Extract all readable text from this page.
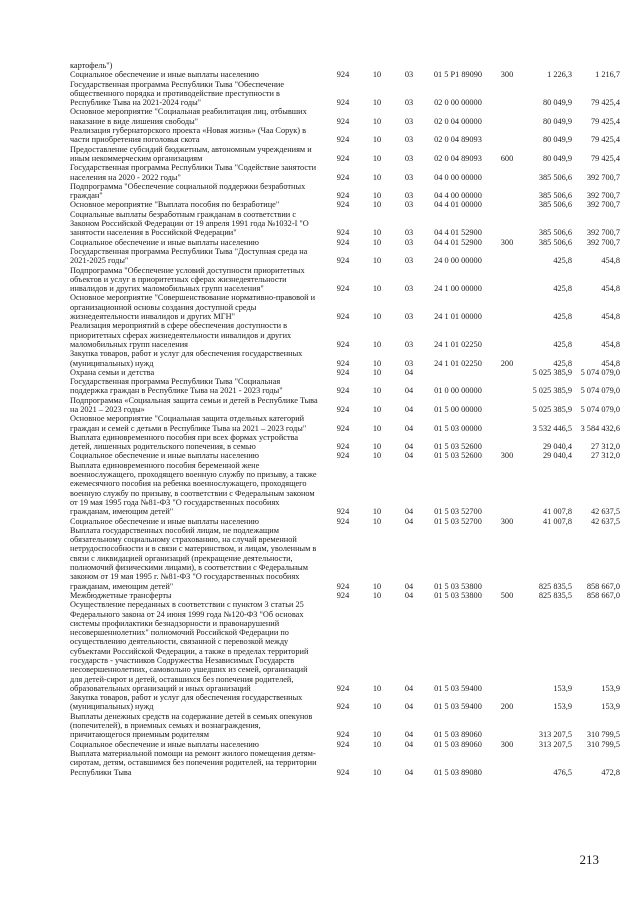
картофель")							
Социальное обеспечение и иные выплаты населению	924	10	03	01 5 P1 89090	300	1 226,3	1 216,7
Государственная программа Республики Тыва "Обеспечение общественного порядка и противодействие преступности в Республике Тыва на 2021-2024 годы"	924	10	03	02 0 00 00000		80 049,9	79 425,4
Основное мероприятие "Социальная реабилитация лиц, отбывших наказание в виде лишения свободы"	924	10	03	02 0 04 00000		80 049,9	79 425,4
Реализация губернаторского проекта «Новая жизнь» (Чаа Сорук) в части приобретения поголовья скота	924	10	03	02 0 04 89093		80 049,9	79 425,4
Предоставление субсидий бюджетным, автономным учреждениям и иным некоммерческим организациям	924	10	03	02 0 04 89093	600	80 049,9	79 425,4
Государственная программа Республики Тыва "Содействие занятости населения на 2020 - 2022 годы"	924	10	03	04 0 00 00000		385 506,6	392 700,7
Подпрограмма "Обеспечение социальной поддержки безработных граждан"	924	10	03	04 4 00 00000		385 506,6	392 700,7
Основное мероприятие "Выплата пособия по безработице"	924	10	03	04 4 01 00000		385 506,6	392 700,7
Социальные выплаты безработным гражданам в соответствии с Законом Российской Федерации от 19 апреля 1991 года №1032-I "О занятости населения в Российской Федерации"	924	10	03	04 4 01 52900		385 506,6	392 700,7
Социальное обеспечение и иные выплаты населению	924	10	03	04 4 01 52900	300	385 506,6	392 700,7
Государственная программа Республики Тыва "Доступная среда на 2021-2025 годы"	924	10	03	24 0 00 00000		425,8	454,8
Подпрограмма "Обеспечение условий доступности приоритетных объектов и услуг в приоритетных сферах жизнедеятельности инвалидов и других маломобильных групп населения"	924	10	03	24 1 00 00000		425,8	454,8
Основное мероприятие "Совершенствование нормативно-правовой и организационной основы создания доступной среды жизнедеятельности инвалидов и других МГН"	924	10	03	24 1 01 00000		425,8	454,8
Реализация мероприятий в сфере обеспечения доступности в приоритетных сферах жизнедеятельности инвалидов и других маломобильных групп населения	924	10	03	24 1 01 02250		425,8	454,8
Закупка товаров, работ и услуг для обеспечения государственных (муниципальных) нужд	924	10	03	24 1 01 02250	200	425,8	454,8
Охрана семьи и детства	924	10	04			5 025 385,9	5 074 079,0
Государственная программа Республики Тыва "Социальная поддержка граждан в Республике Тыва на 2021 - 2023 годы"	924	10	04	01 0 00 00000		5 025 385,9	5 074 079,0
Подпрограмма «Социальная защита семьи и детей в Республике Тыва на 2021 – 2023 годы»	924	10	04	01 5 00 00000		5 025 385,9	5 074 079,0
Основное мероприятие "Социальная защита отдельных категорий граждан и семей с детьми в Республике Тыва на 2021 – 2023 годы"	924	10	04	01 5 03 00000		3 532 446,5	3 584 432,6
Выплата единовременного пособия при всех формах устройства детей, лишенных родительского попечения, в семью	924	10	04	01 5 03 52600		29 040,4	27 312,0
Социальное обеспечение и иные выплаты населению	924	10	04	01 5 03 52600	300	29 040,4	27 312,0
Выплата единовременного пособия беременной жене военнослужащего, проходящего военную службу по призыву, а также ежемесячного пособия на ребенка военнослужащего, проходящего военную службу по призыву, в соответствии с Федеральным законом от 19 мая 1995 года №81-ФЗ "О государственных пособиях гражданам, имеющим детей"	924	10	04	01 5 03 52700		41 007,8	42 637,5
Социальное обеспечение и иные выплаты населению	924	10	04	01 5 03 52700	300	41 007,8	42 637,5
Выплата государственных пособий лицам, не подлежащим обязательному социальному страхованию, на случай временной нетрудоспособности и в связи с материнством, и лицам, уволенным в связи с ликвидацией организаций (прекращение деятельности, полномочий физическими лицами), в соответствии с Федеральным законом от 19 мая 1995 г. №81-ФЗ "О государственных пособиях гражданам, имеющим детей"	924	10	04	01 5 03 53800		825 835,5	858 667,0
Межбюджетные трансферты	924	10	04	01 5 03 53800	500	825 835,5	858 667,0
Осуществление переданных в соответствии с пунктом 3 статьи 25 Федерального закона от 24 июня 1999 года №120-ФЗ "Об основах системы профилактики безнадзорности и правонарушений несовершеннолетних" полномочий Российской Федерации по осуществлению деятельности, связанной с перевозкой между субъектами Российской Федерации, а также в пределах территорий государств - участников Содружества Независимых Государств несовершеннолетних, самовольно ушедших из семей, организаций для детей-сирот и детей, оставшихся без попечения родителей, образовательных организаций и иных организаций	924	10	04	01 5 03 59400		153,9	153,9
Закупка товаров, работ и услуг для обеспечения государственных (муниципальных) нужд	924	10	04	01 5 03 59400	200	153,9	153,9
Выплаты денежных средств на содержание детей в семьях опекунов (попечителей), в приемных семьях и вознаграждения, причитающегося приемным родителям	924	10	04	01 5 03 89060		313 207,5	310 799,5
Социальное обеспечение и иные выплаты населению	924	10	04	01 5 03 89060	300	313 207,5	310 799,5
Выплата материальной помощи на ремонт жилого помещения детям-сиротам, детям, оставшимся без попечения родителей, на территории Республики Тыва	924	10	04	01 5 03 89080		476,5	472,8
213
